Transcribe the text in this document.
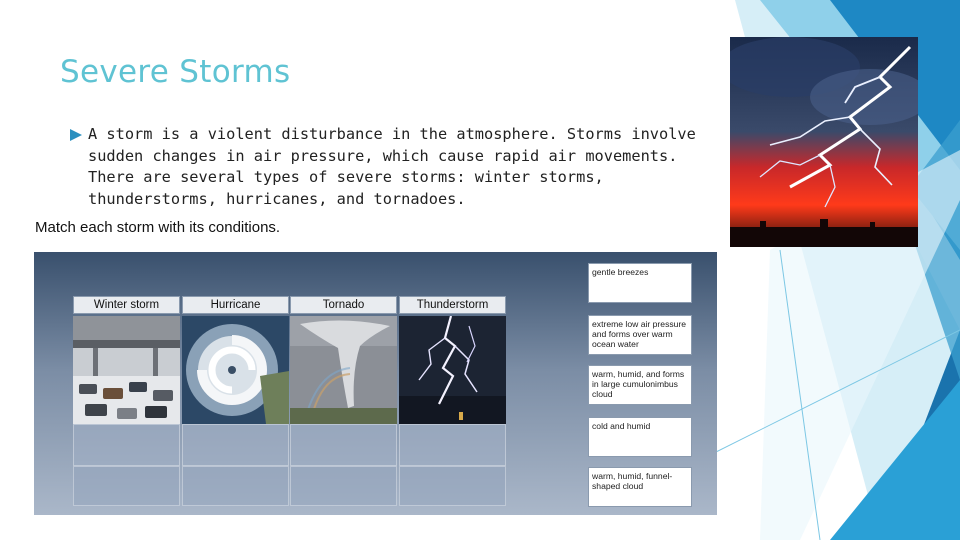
Severe Storms
A storm is a violent disturbance in the atmosphere. Storms involve sudden changes in air pressure, which cause rapid air movements. There are several types of severe storms: winter storms, thunderstorms, hurricanes, and tornadoes.
Match each storm with its conditions.
Winter storm	Hurricane	Tornado	Thunderstorm
gentle breezes
extreme low air pressure and forms over warm ocean water
warm, humid, and forms in large cumulonimbus cloud
cold and humid
warm, humid, funnel-shaped cloud
